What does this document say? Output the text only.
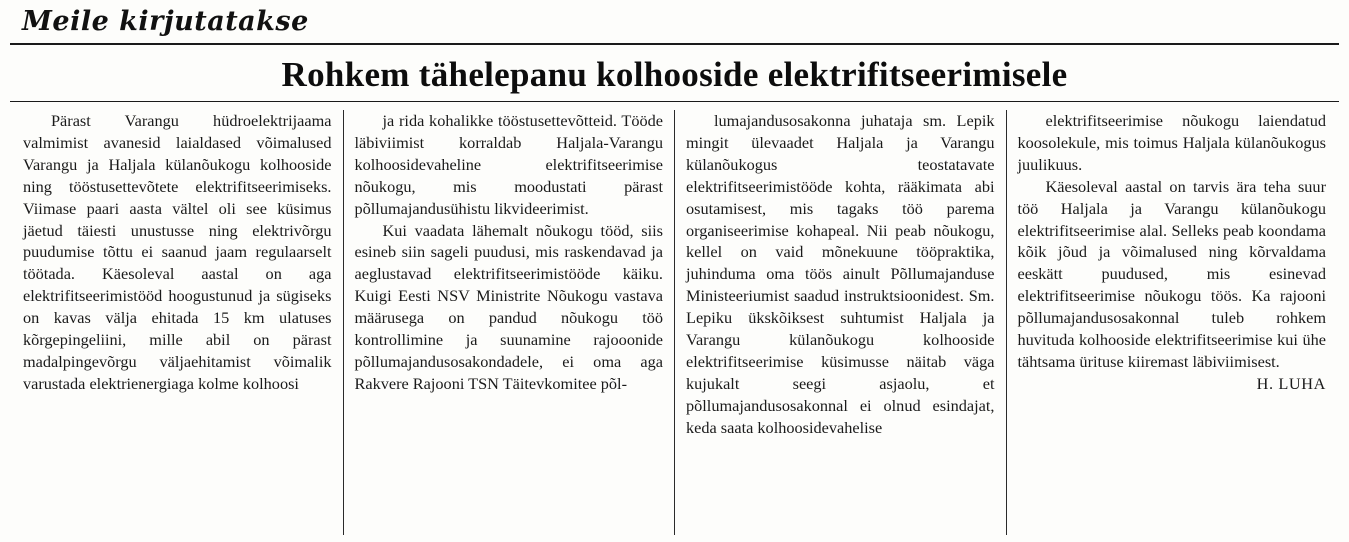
Meile kirjutatakse
Rohkem tähelepanu kolhooside elektrifitseerimisele

Pärast Varangu hüdroelektrijaama valmimist avanesid laialdased võimalused Varangu ja Haljala külanõukogu kolhooside ning tööstusettevõtete elektrifitseerimiseks. Viimase paari aasta vältel oli see küsimus jäetud täiesti unustusse ning elektrivõrgu puudumise tõttu ei saanud jaam regulaarselt töötada. Käesoleval aastal on aga elektrifitseerimistööd hoogustunud ja sügiseks on kavas välja ehitada 15 km ulatuses kõrgepingeliini, mille abil on pärast madalpingevõrgu väljaehitamist võimalik varustada elektrienergiaga kolme kolhoosi

ja rida kohalikke tööstusettevõtteid. Tööde läbiviimist korraldab Haljala-Varangu kolhoosidevaheline elektrifitseerimise nõukogu, mis moodustati pärast põllumajandusühistu likvideerimist.

Kui vaadata lähemalt nõukogu tööd, siis esineb siin sageli puudusi, mis raskendavad ja aeglustavad elektrifitseerimistööde käiku. Kuigi Eesti NSV Ministrite Nõukogu vastava määrusega on pandud nõukogu töö kontrollimine ja suunamine rajooonide põllumajandusosakondadele, ei oma aga Rakvere Rajooni TSN Täitevkomitee põl-

lumajandusosakonna juhataja sm. Lepik mingit ülevaadet Haljala ja Varangu külanõukogus teostatavate elektrifitseerimistööde kohta, rääkimata abi osutamisest, mis tagaks töö parema organiseerimise kohapeal. Nii peab nõukogu, kellel on vaid mõnekuune tööpraktika, juhinduma oma töös ainult Põllumajanduse Ministeeriumist saadud instruktsioonidest. Sm. Lepiku ükskõiksest suhtumist Haljala ja Varangu külanõukogu kolhooside elektrifitseerimise küsimusse näitab väga kujukalt seegi asjaolu, et põllumajandusosakonnal ei olnud esindajat, keda saata kolhoosidevahelise

elektrifitseerimise nõukogu laiendatud koosolekule, mis toimus Haljala külanõukogus juulikuus.

Käesoleval aastal on tarvis ära teha suur töö Haljala ja Varangu külanõukogu elektrifitseerimise alal. Selleks peab koondama kõik jõud ja võimalused ning kõrvaldama eeskätt puudused, mis esinevad elektrifitseerimise nõukogu töös. Ka rajooni põllumajandusosakonnal tuleb rohkem huvituda kolhooside elektrifitseerimise kui ühe tähtsama ürituse kiiremast läbiviimisest.

H. LUHA
